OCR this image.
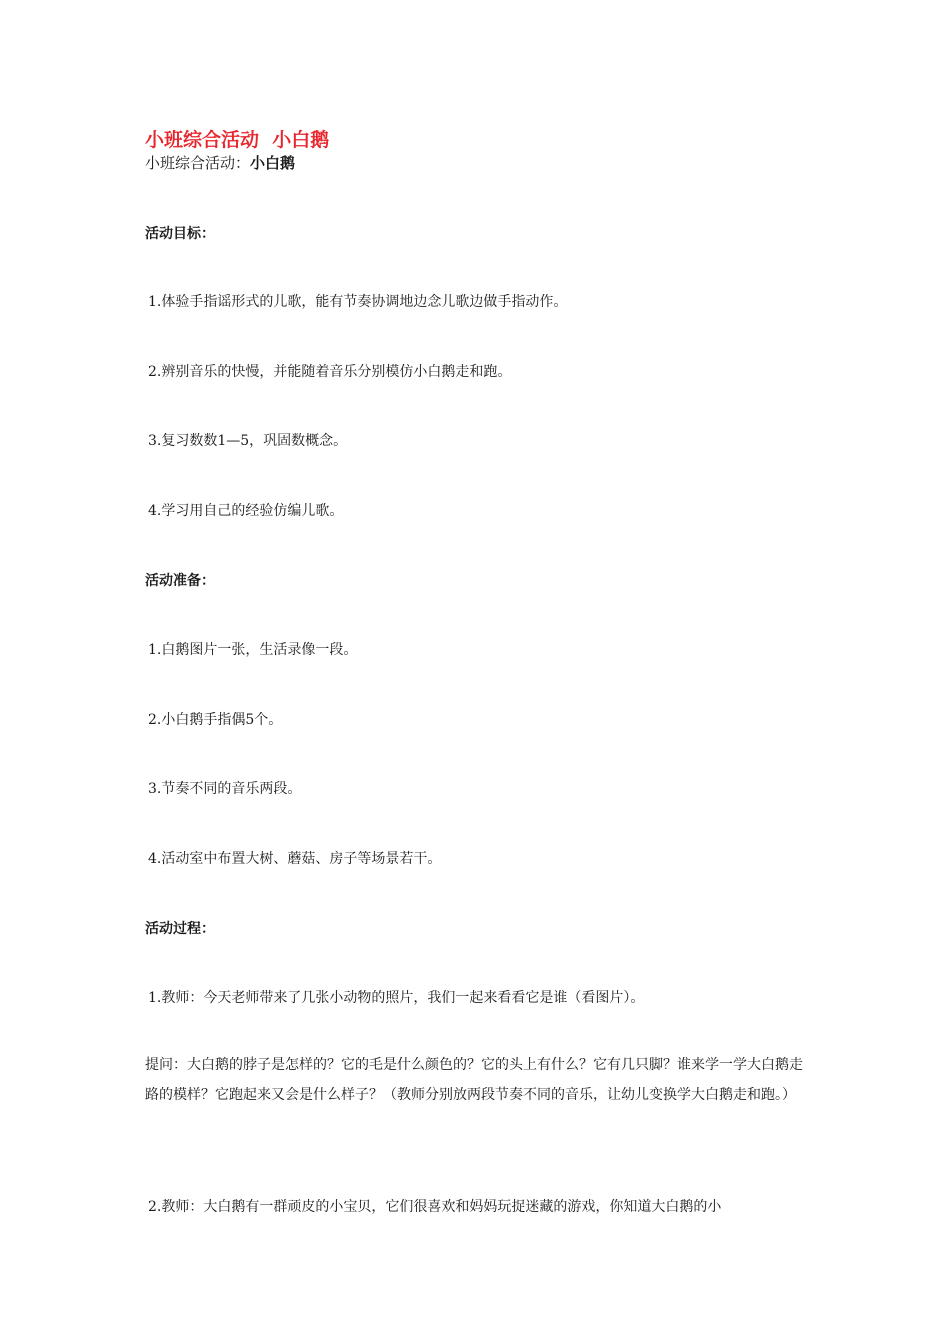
小班综合活动  小白鹅
小班综合活动：小白鹅
活动目标：
1.体验手指谣形式的儿歌，能有节奏协调地边念儿歌边做手指动作。
2.辨别音乐的快慢，并能随着音乐分别模仿小白鹅走和跑。
3.复习数数1—5，巩固数概念。
4.学习用自己的经验仿编儿歌。
活动准备：
1.白鹅图片一张，生活录像一段。
2.小白鹅手指偶5个。
3.节奏不同的音乐两段。
4.活动室中布置大树、蘑菇、房子等场景若干。
活动过程：
1.教师：今天老师带来了几张小动物的照片，我们一起来看看它是谁（看图片）。
提问：大白鹅的脖子是怎样的？它的毛是什么颜色的？它的头上有什么？它有几只脚？谁来学一学大白鹅走路的模样？它跑起来又会是什么样子？（教师分别放两段节奏不同的音乐，让幼儿变换学大白鹅走和跑。）
2.教师：大白鹅有一群顽皮的小宝贝，它们很喜欢和妈妈玩捉迷藏的游戏，你知道大白鹅的小
